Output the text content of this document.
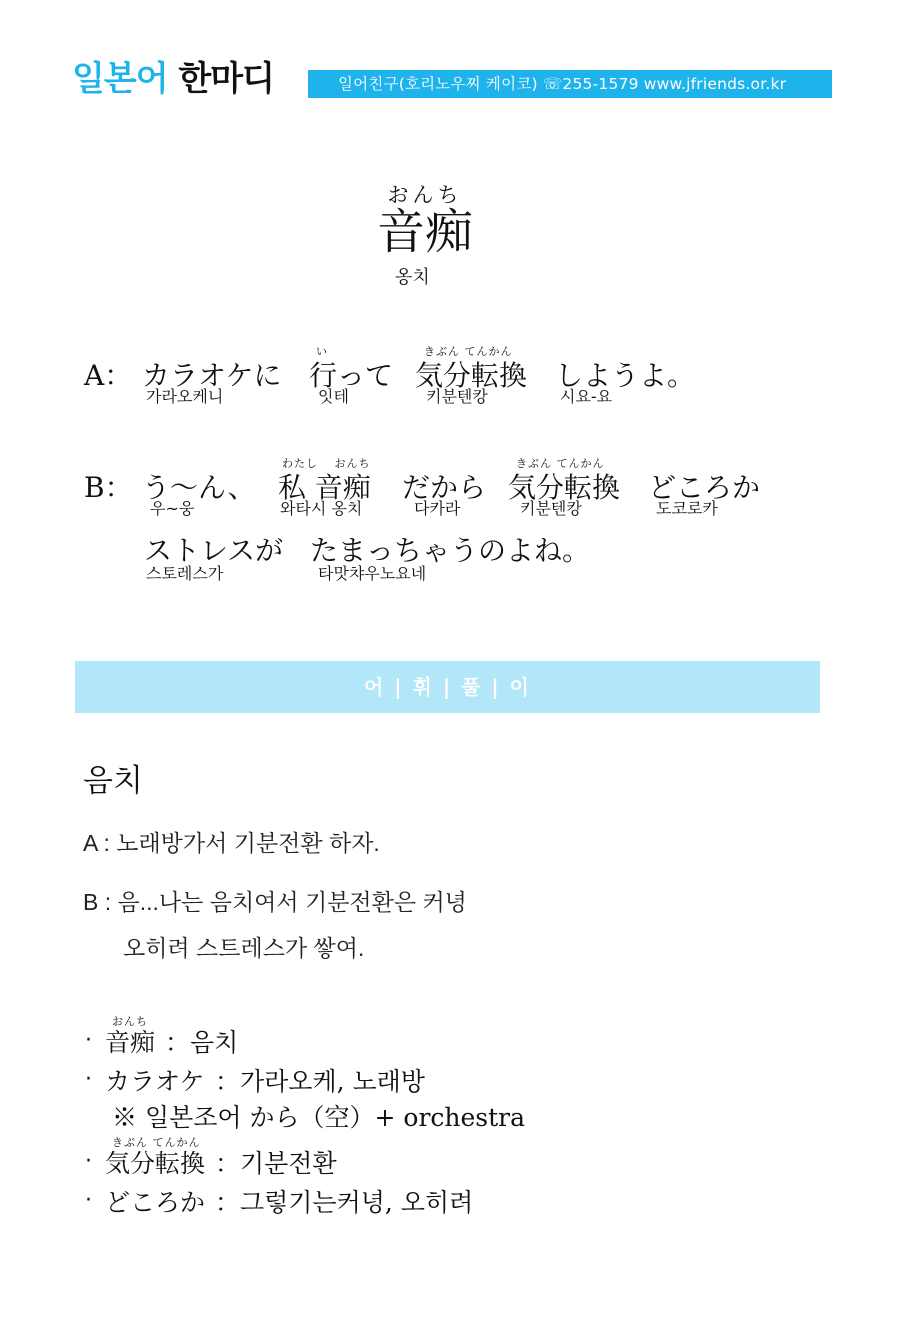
일본어 한마디	일어친구(호리노우찌 케이코) ☏255-1579 www.jfriends.or.kr
おんち
音痴
옹치
A： カラオケに
가라오케니
い
行って
잇테
きぶん てんかん
気分転換
키분텐캉
しようよ。
시요-요
B： う～ん、
우~웅
わたし　 おんち
私 音痴
와타시 옹치
だから
다카라
きぶん てんかん
気分転換
키분텐캉
どころか
도코로카
ストレスが
스토레스가
たまっちゃうのよね。
타맛챠우노요네
어 | 휘 | 풀 | 이
음치
A : 노래방가서 기분전환 하자.
B : 음...나는 음치여서 기분전환은 커녕
오히려 스트레스가 쌓여.
·
おんち
音痴 ：음치
· カラオケ ：가라오케, 노래방
※ 일본조어 から（空）+ orchestra
·
きぶん てんかん
気分転換 ：기분전환
· どころか ：그렇기는커녕, 오히려
